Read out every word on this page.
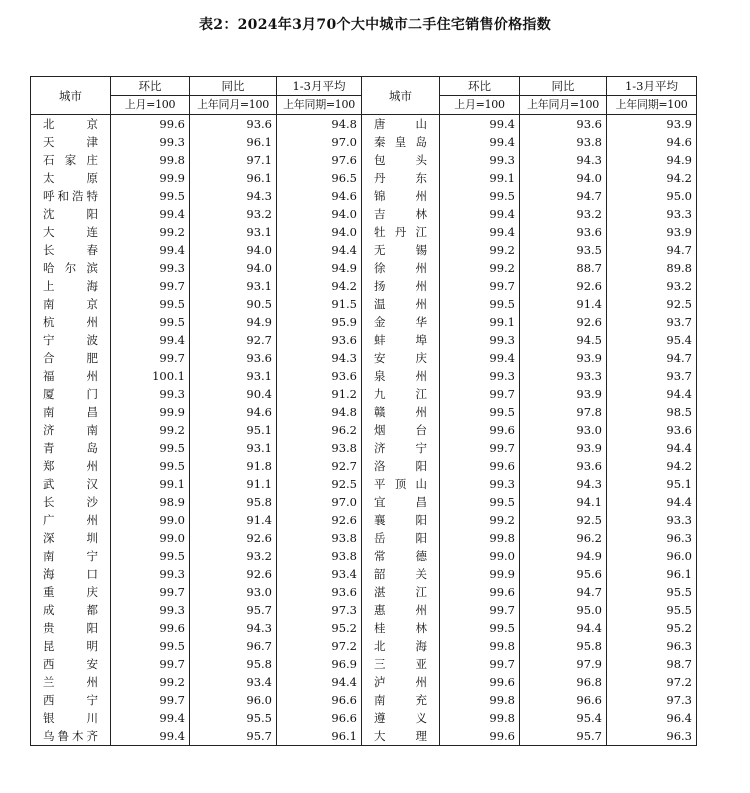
表2：2024年3月70个大中城市二手住宅销售价格指数
城市	环比	同比	1-3月平均	城市	环比	同比	1-3月平均
	上月=100	上年同月=100	上年同期=100		上月=100	上年同月=100	上年同期=100
北京	99.6	93.6	94.8	唐山	99.4	93.6	93.9
天津	99.3	96.1	97.0	秦皇岛	99.4	93.8	94.6
石家庄	99.8	97.1	97.6	包头	99.3	94.3	94.9
太原	99.9	96.1	96.5	丹东	99.1	94.0	94.2
呼和浩特	99.5	94.3	94.6	锦州	99.5	94.7	95.0
沈阳	99.4	93.2	94.0	吉林	99.4	93.2	93.3
大连	99.2	93.1	94.0	牡丹江	99.4	93.6	93.9
长春	99.4	94.0	94.4	无锡	99.2	93.5	94.7
哈尔滨	99.3	94.0	94.9	徐州	99.2	88.7	89.8
上海	99.7	93.1	94.2	扬州	99.7	92.6	93.2
南京	99.5	90.5	91.5	温州	99.5	91.4	92.5
杭州	99.5	94.9	95.9	金华	99.1	92.6	93.7
宁波	99.4	92.7	93.6	蚌埠	99.3	94.5	95.4
合肥	99.7	93.6	94.3	安庆	99.4	93.9	94.7
福州	100.1	93.1	93.6	泉州	99.3	93.3	93.7
厦门	99.3	90.4	91.2	九江	99.7	93.9	94.4
南昌	99.9	94.6	94.8	赣州	99.5	97.8	98.5
济南	99.2	95.1	96.2	烟台	99.6	93.0	93.6
青岛	99.5	93.1	93.8	济宁	99.7	93.9	94.4
郑州	99.5	91.8	92.7	洛阳	99.6	93.6	94.2
武汉	99.1	91.1	92.5	平顶山	99.3	94.3	95.1
长沙	98.9	95.8	97.0	宜昌	99.5	94.1	94.4
广州	99.0	91.4	92.6	襄阳	99.2	92.5	93.3
深圳	99.0	92.6	93.8	岳阳	99.8	96.2	96.3
南宁	99.5	93.2	93.8	常德	99.0	94.9	96.0
海口	99.3	92.6	93.4	韶关	99.9	95.6	96.1
重庆	99.7	93.0	93.6	湛江	99.6	94.7	95.5
成都	99.3	95.7	97.3	惠州	99.7	95.0	95.5
贵阳	99.6	94.3	95.2	桂林	99.5	94.4	95.2
昆明	99.5	96.7	97.2	北海	99.8	95.8	96.3
西安	99.7	95.8	96.9	三亚	99.7	97.9	98.7
兰州	99.2	93.4	94.4	泸州	99.6	96.8	97.2
西宁	99.7	96.0	96.6	南充	99.8	96.6	97.3
银川	99.4	95.5	96.6	遵义	99.8	95.4	96.4
乌鲁木齐	99.4	95.7	96.1	大理	99.6	95.7	96.3
